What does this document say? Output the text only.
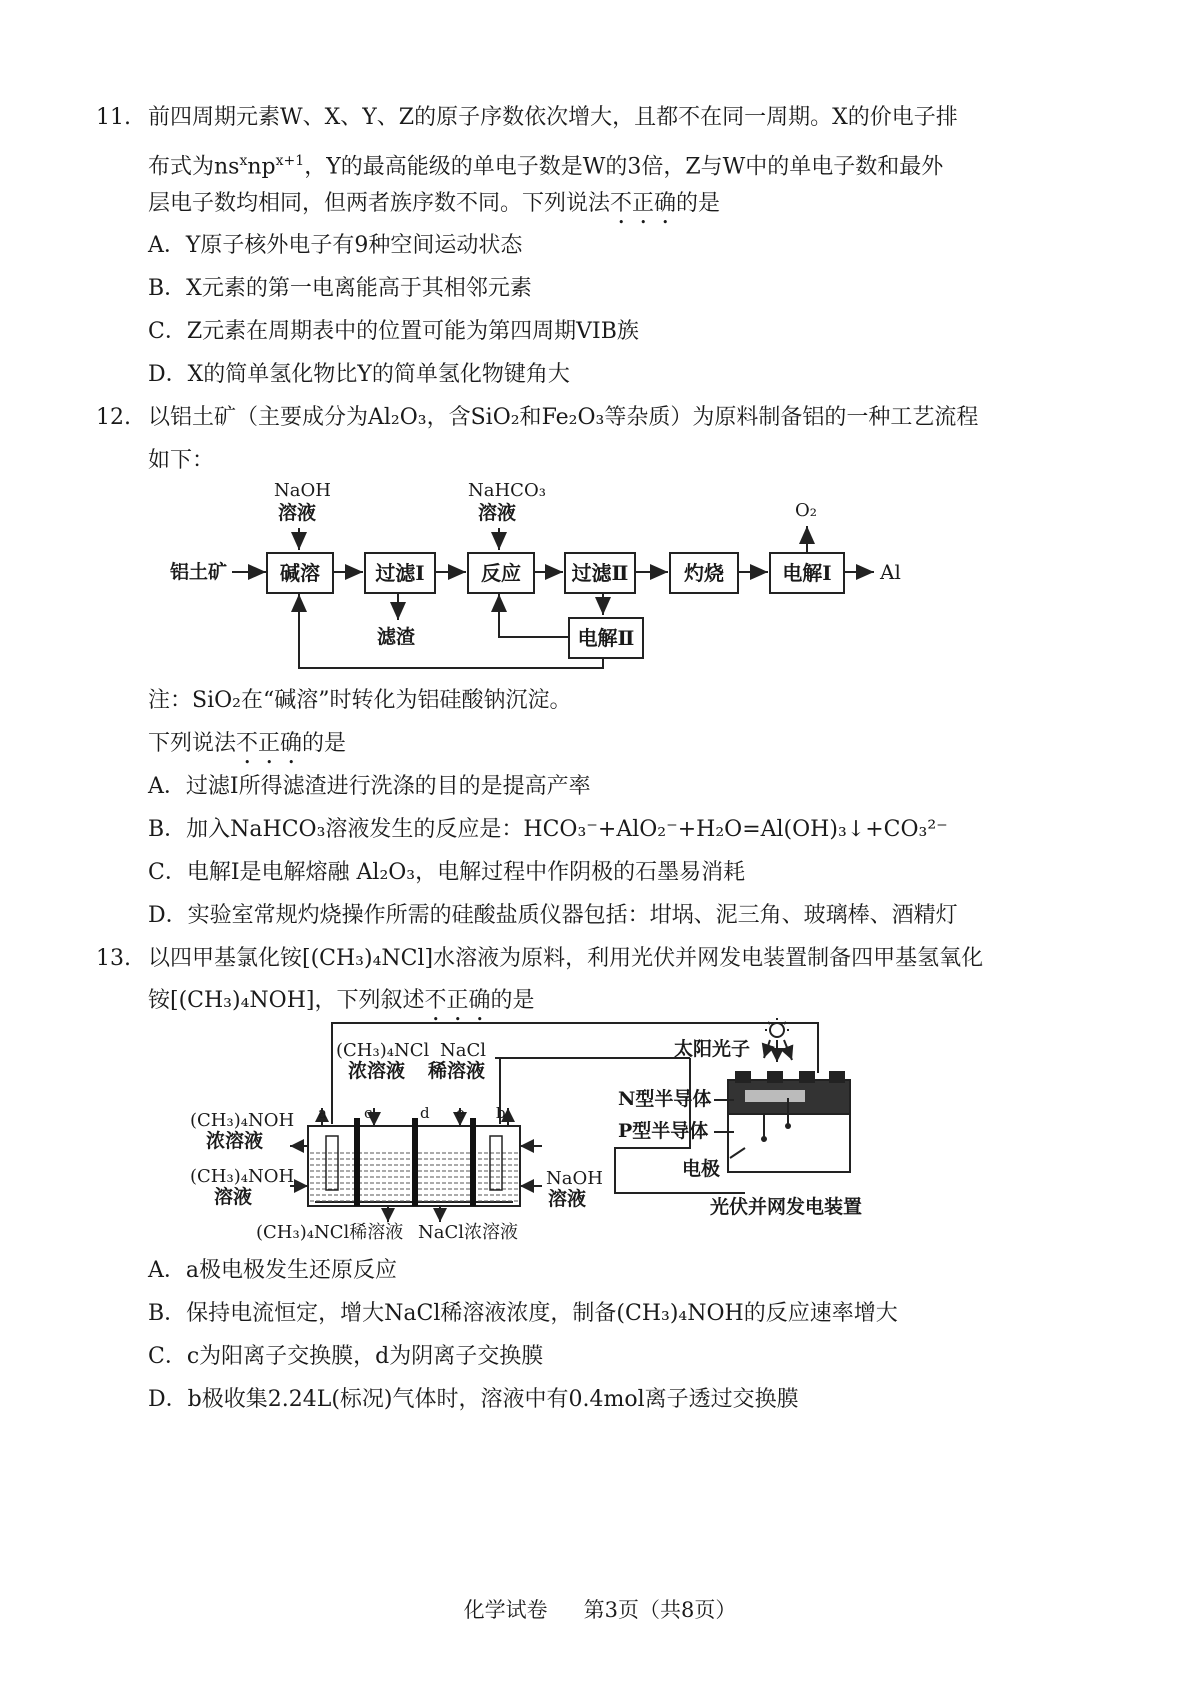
11. 前四周期元素W、X、Y、Z的原子序数依次增大，且都不在同一周期。X的价电子排
布式为$ns^xnp^{x+1}$，Y的最高能级的单电子数是W的3倍，Z与W中的单电子数和最外
层电子数均相同，但两者族序数不同。下列说法不正确的是
A．Y原子核外电子有9种空间运动状态
B．X元素的第一电离能高于其相邻元素
C．Z元素在周期表中的位置可能为第四周期VIB族
D．X的简单氢化物比Y的简单氢化物键角大
12. 以铝土矿（主要成分为Al₂O₃，含SiO₂和Fe₂O₃等杂质）为原料制备铝的一种工艺流程
如下：
铝土矿
NaOH
溶液
NaHCO₃
溶液
碱溶	过滤Ⅰ	反应	过滤Ⅱ	灼烧	电解Ⅰ
电解Ⅱ
滤渣
O₂
Al
注：SiO₂在“碱溶”时转化为铝硅酸钠沉淀。
下列说法不正确的是
A．过滤Ⅰ所得滤渣进行洗涤的目的是提高产率
B．加入NaHCO₃溶液发生的反应是：HCO₃⁻+AlO₂⁻+H₂O=Al(OH)₃↓+CO₃²⁻
C．电解Ⅰ是电解熔融 Al₂O₃，电解过程中作阴极的石墨易消耗
D．实验室常规灼烧操作所需的硅酸盐质仪器包括：坩埚、泥三角、玻璃棒、酒精灯
13. 以四甲基氯化铵[(CH₃)₄NCl]水溶液为原料，利用光伏并网发电装置制备四甲基氢氧化
铵[(CH₃)₄NOH]，下列叙述不正确的是
(CH₃)₄NCl
浓溶液
NaCl
稀溶液
(CH₃)₄NOH
浓溶液
(CH₃)₄NOH
溶液
NaOH
溶液
(CH₃)₄NCl稀溶液 NaCl浓溶液
a c	d e b
太阳光子
N型半导体
P型半导体
电极
光伏并网发电装置
A．a极电极发生还原反应
B．保持电流恒定，增大NaCl稀溶液浓度，制备(CH₃)₄NOH的反应速率增大
C．c为阳离子交换膜，d为阴离子交换膜
D．b极收集2.24L(标况)气体时，溶液中有0.4mol离子透过交换膜
化学试卷 第3页（共8页）
